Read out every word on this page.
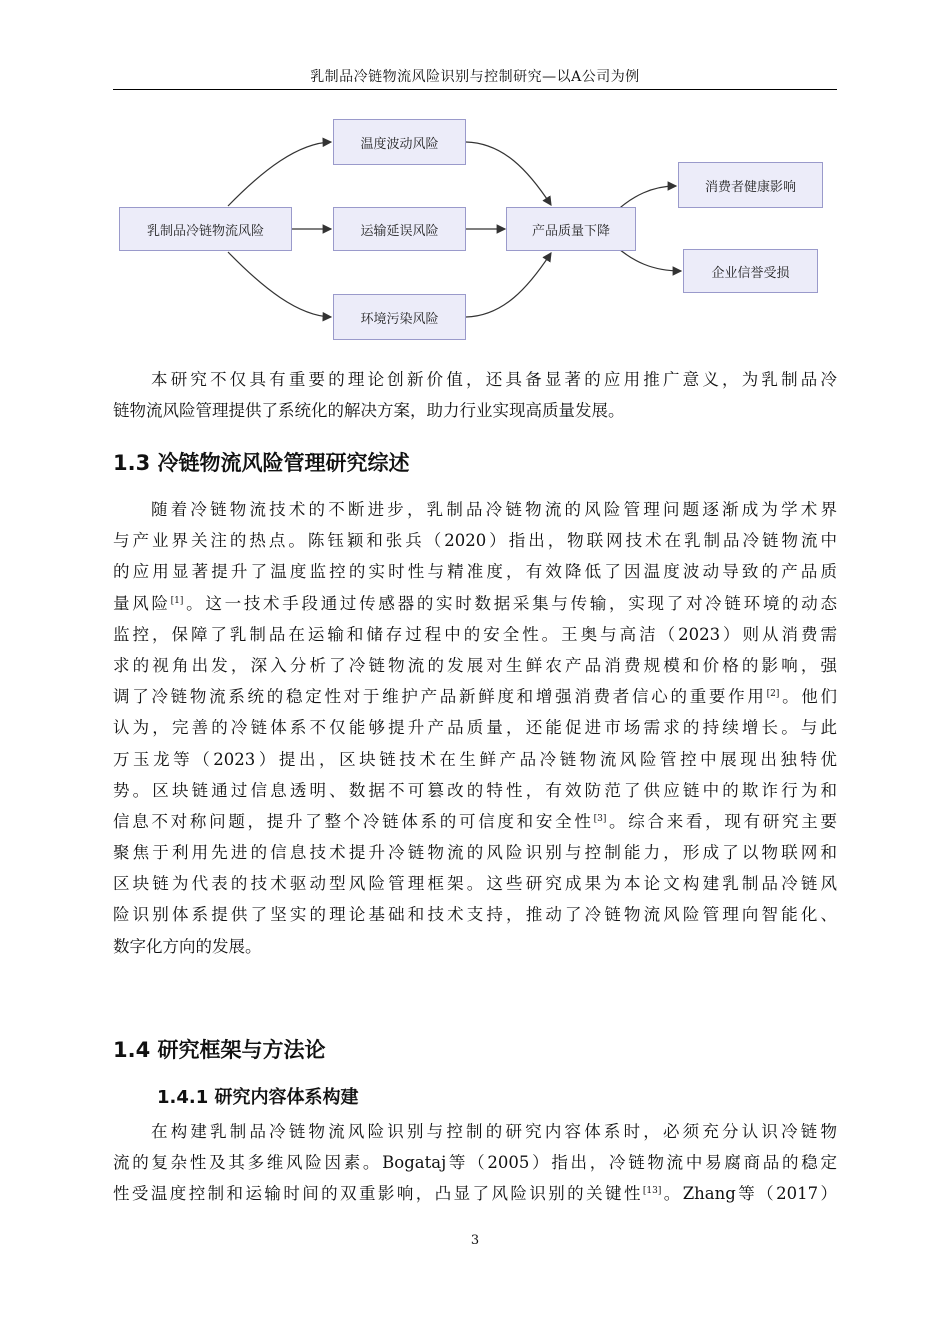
乳制品冷链物流风险识别与控制研究—以A公司为例
乳制品冷链物流风险
温度波动风险
运输延误风险
环境污染风险
产品质量下降
消费者健康影响
企业信誉受损
本研究不仅具有重要的理论创新价值，还具备显著的应用推广意义，为乳制品冷
链物流风险管理提供了系统化的解决方案，助力行业实现高质量发展。
1.3 冷链物流风险管理研究综述
随着冷链物流技术的不断进步，乳制品冷链物流的风险管理问题逐渐成为学术界
与产业界关注的热点。陈钰颖和张兵（2020）指出，物联网技术在乳制品冷链物流中
的应用显著提升了温度监控的实时性与精准度，有效降低了因温度波动导致的产品质
量风险[1]。这一技术手段通过传感器的实时数据采集与传输，实现了对冷链环境的动态
监控，保障了乳制品在运输和储存过程中的安全性。王奥与高洁（2023）则从消费需
求的视角出发，深入分析了冷链物流的发展对生鲜农产品消费规模和价格的影响，强
调了冷链物流系统的稳定性对于维护产品新鲜度和增强消费者信心的重要作用[2]。他们
认为，完善的冷链体系不仅能够提升产品质量，还能促进市场需求的持续增长。与此
万玉龙等（2023）提出，区块链技术在生鲜产品冷链物流风险管控中展现出独特优
势。区块链通过信息透明、数据不可篡改的特性，有效防范了供应链中的欺诈行为和
信息不对称问题，提升了整个冷链体系的可信度和安全性[3]。综合来看，现有研究主要
聚焦于利用先进的信息技术提升冷链物流的风险识别与控制能力，形成了以物联网和
区块链为代表的技术驱动型风险管理框架。这些研究成果为本论文构建乳制品冷链风
险识别体系提供了坚实的理论基础和技术支持，推动了冷链物流风险管理向智能化、
数字化方向的发展。
1.4 研究框架与方法论
1.4.1 研究内容体系构建
在构建乳制品冷链物流风险识别与控制的研究内容体系时，必须充分认识冷链物
流的复杂性及其多维风险因素。Bogataj等（2005）指出，冷链物流中易腐商品的稳定
性受温度控制和运输时间的双重影响，凸显了风险识别的关键性[13]。Zhang等（2017）
3
